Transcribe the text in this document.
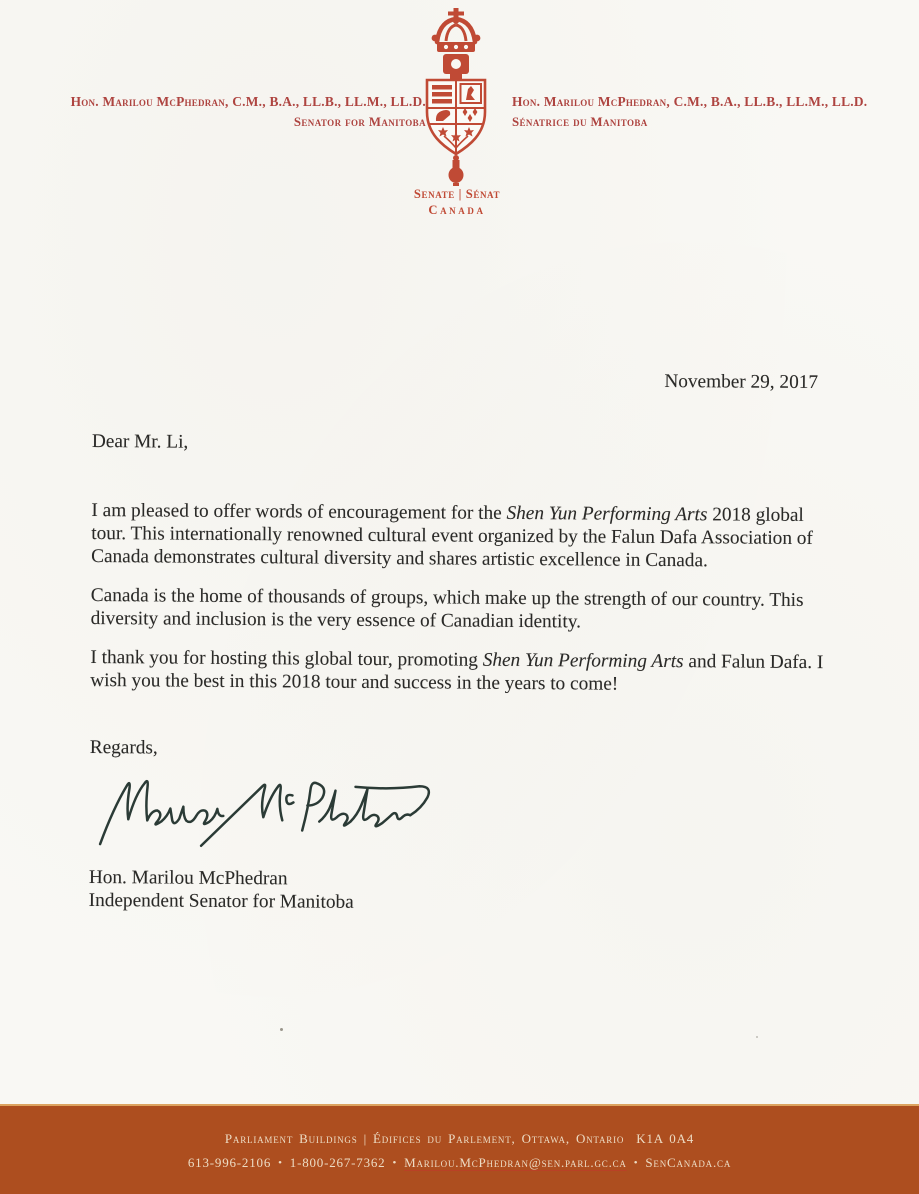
Hon. Marilou McPhedran, C.M., B.A., LL.B., LL.M., LL.D.
Senator for Manitoba
Hon. Marilou McPhedran, C.M., B.A., LL.B., LL.M., LL.D.
Sénatrice du Manitoba
Senate | Sénat
Canada
November 29, 2017

Dear Mr. Li,

I am pleased to offer words of encouragement for the Shen Yun Performing Arts 2018 global tour. This internationally renowned cultural event organized by the Falun Dafa Association of Canada demonstrates cultural diversity and shares artistic excellence in Canada.

Canada is the home of thousands of groups, which make up the strength of our country. This diversity and inclusion is the very essence of Canadian identity.

I thank you for hosting this global tour, promoting Shen Yun Performing Arts and Falun Dafa. I wish you the best in this 2018 tour and success in the years to come!

Regards,

Hon. Marilou McPhedran
Independent Senator for Manitoba
Parliament Buildings | Édifices du Parlement, Ottawa, Ontario  K1A 0A4
613-996-2106 • 1-800-267-7362 • Marilou.McPhedran@sen.parl.gc.ca • SenCanada.ca
